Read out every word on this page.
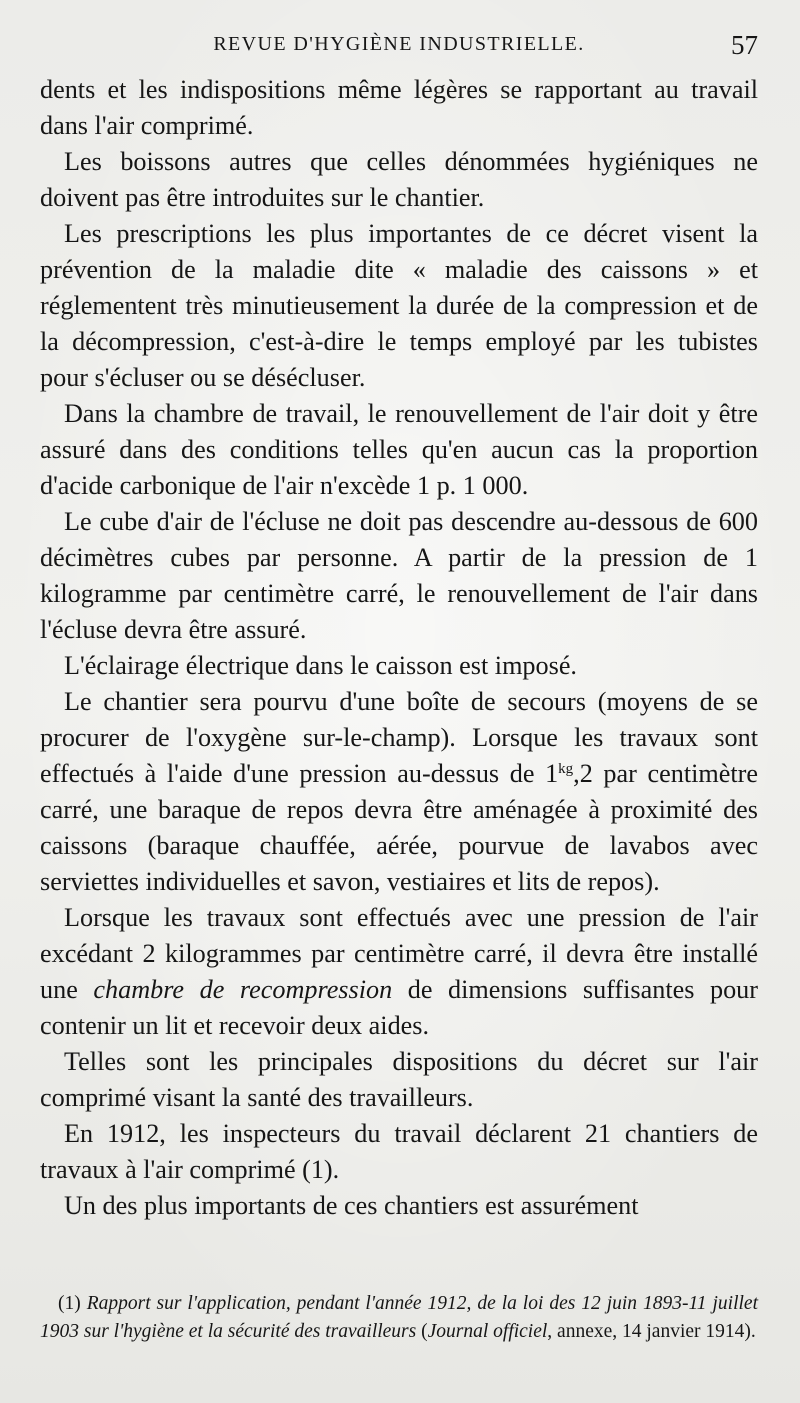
REVUE D'HYGIÈNE INDUSTRIELLE.	57

dents et les indispositions même légères se rapportant au travail dans l'air comprimé.

Les boissons autres que celles dénommées hygiéniques ne doivent pas être introduites sur le chantier.

Les prescriptions les plus importantes de ce décret visent la prévention de la maladie dite « maladie des caissons » et réglementent très minutieusement la durée de la compression et de la décompression, c'est-à-dire le temps employé par les tubistes pour s'écluser ou se désécluser.

Dans la chambre de travail, le renouvellement de l'air doit y être assuré dans des conditions telles qu'en aucun cas la proportion d'acide carbonique de l'air n'excède 1 p. 1 000.

Le cube d'air de l'écluse ne doit pas descendre au-dessous de 600 décimètres cubes par personne. A partir de la pression de 1 kilogramme par centimètre carré, le renouvellement de l'air dans l'écluse devra être assuré.

L'éclairage électrique dans le caisson est imposé.

Le chantier sera pourvu d'une boîte de secours (moyens de se procurer de l'oxygène sur-le-champ). Lorsque les travaux sont effectués à l'aide d'une pression au-dessus de $1^{kg},2$ par centimètre carré, une baraque de repos devra être aménagée à proximité des caissons (baraque chauffée, aérée, pourvue de lavabos avec serviettes individuelles et savon, vestiaires et lits de repos).

Lorsque les travaux sont effectués avec une pression de l'air excédant 2 kilogrammes par centimètre carré, il devra être installé une chambre de recompression de dimensions suffisantes pour contenir un lit et recevoir deux aides.

Telles sont les principales dispositions du décret sur l'air comprimé visant la santé des travailleurs.

En 1912, les inspecteurs du travail déclarent 21 chantiers de travaux à l'air comprimé (1).

Un des plus importants de ces chantiers est assurément

(1) Rapport sur l'application, pendant l'année 1912, de la loi des 12 juin 1893-11 juillet 1903 sur l'hygiène et la sécurité des travailleurs (Journal officiel, annexe, 14 janvier 1914).
